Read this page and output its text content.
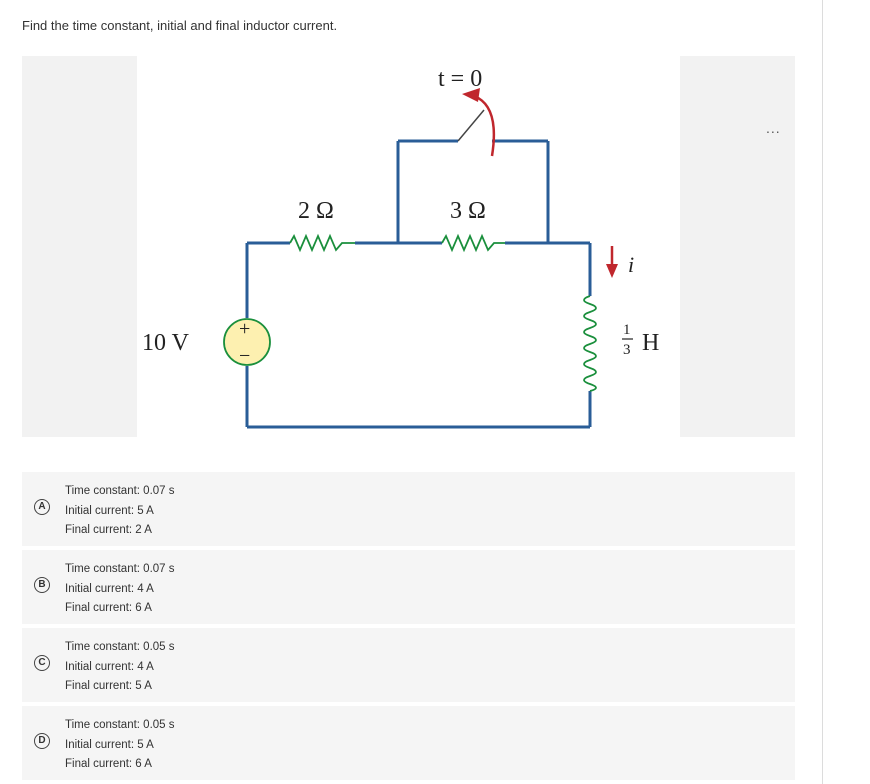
Find the time constant, initial and final inductor current.
...
t = 0
2 Ω	3 Ω
10 V
+
−
i
1
3 H
A
Time constant: 0.07 s
Initial current: 5 A
Final current: 2 A
B
Time constant: 0.07 s
Initial current: 4 A
Final current: 6 A
C
Time constant: 0.05 s
Initial current: 4 A
Final current: 5 A
D
Time constant: 0.05 s
Initial current: 5 A
Final current: 6 A
